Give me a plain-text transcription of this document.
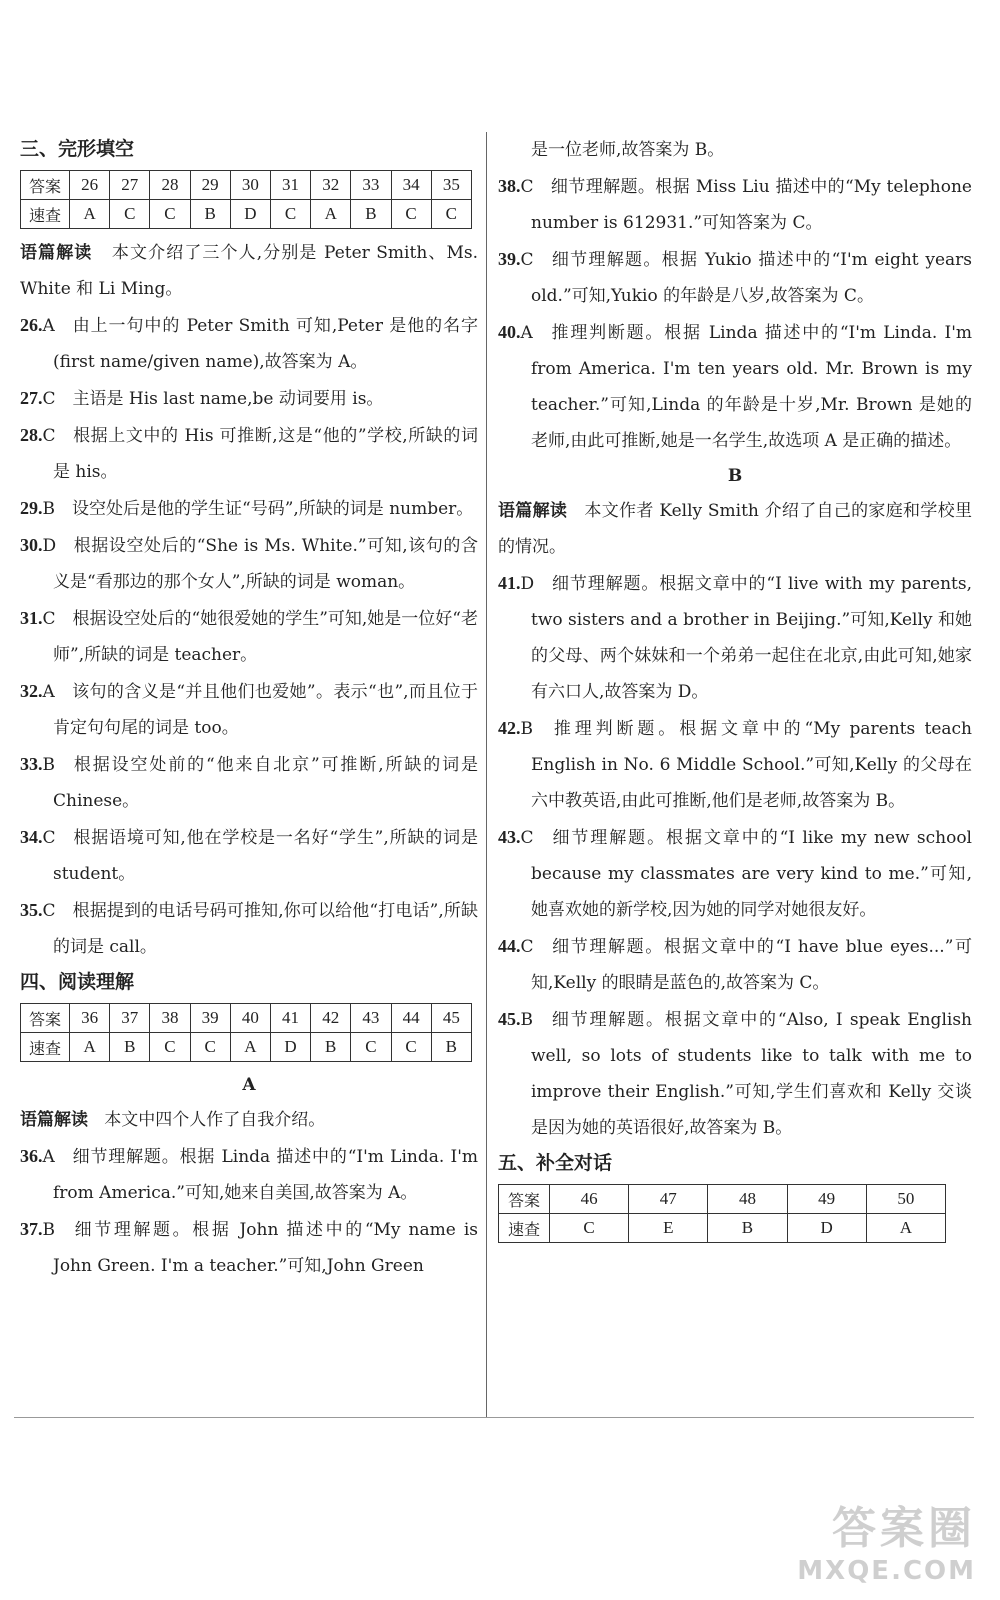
三、完形填空
答案	26	27	28	29	30	31	32	33	34	35
速查	A	C	C	B	D	C	A	B	C	C
语篇解读 本文介绍了三个人,分别是 Peter Smith、Ms. White 和 Li Ming。
26.A  由上一句中的 Peter Smith 可知,Peter 是他的名字(first name/given name),故答案为 A。
27.C  主语是 His last name,be 动词要用 is。
28.C  根据上文中的 His 可推断,这是“他的”学校,所缺的词是 his。
29.B  设空处后是他的学生证“号码”,所缺的词是 number。
30.D  根据设空处后的“She is Ms. White.”可知,该句的含义是“看那边的那个女人”,所缺的词是 woman。
31.C  根据设空处后的“她很爱她的学生”可知,她是一位好“老师”,所缺的词是 teacher。
32.A  该句的含义是“并且他们也爱她”。表示“也”,而且位于肯定句句尾的词是 too。
33.B  根据设空处前的“他来自北京”可推断,所缺的词是 Chinese。
34.C  根据语境可知,他在学校是一名好“学生”,所缺的词是 student。
35.C  根据提到的电话号码可推知,你可以给他“打电话”,所缺的词是 call。
四、阅读理解
答案	36	37	38	39	40	41	42	43	44	45
速查	A	B	C	C	A	D	B	C	C	B
A
语篇解读 本文中四个人作了自我介绍。
36.A  细节理解题。根据 Linda 描述中的“I'm Linda. I'm from America.”可知,她来自美国,故答案为 A。
37.B  细节理解题。根据 John 描述中的“My name is John Green. I'm a teacher.”可知,John Green
是一位老师,故答案为 B。
38.C  细节理解题。根据 Miss Liu 描述中的“My telephone number is 612931.”可知答案为 C。
39.C  细节理解题。根据 Yukio 描述中的“I'm eight years old.”可知,Yukio 的年龄是八岁,故答案为 C。
40.A  推理判断题。根据 Linda 描述中的“I'm Linda. I'm from America. I'm ten years old. Mr. Brown is my teacher.”可知,Linda 的年龄是十岁,Mr. Brown 是她的老师,由此可推断,她是一名学生,故选项 A 是正确的描述。
B
语篇解读 本文作者 Kelly Smith 介绍了自己的家庭和学校里的情况。
41.D  细节理解题。根据文章中的“I live with my parents, two sisters and a brother in Beijing.”可知,Kelly 和她的父母、两个妹妹和一个弟弟一起住在北京,由此可知,她家有六口人,故答案为 D。
42.B  推理判断题。根据文章中的“My parents teach English in No. 6 Middle School.”可知,Kelly 的父母在六中教英语,由此可推断,他们是老师,故答案为 B。
43.C  细节理解题。根据文章中的“I like my new school because my classmates are very kind to me.”可知,她喜欢她的新学校,因为她的同学对她很友好。
44.C  细节理解题。根据文章中的“I have blue eyes...”可知,Kelly 的眼睛是蓝色的,故答案为 C。
45.B  细节理解题。根据文章中的“Also, I speak English well, so lots of students like to talk with me to improve their English.”可知,学生们喜欢和 Kelly 交谈是因为她的英语很好,故答案为 B。
五、补全对话
答案	46	47	48	49	50
速查	C	E	B	D	A
答案圈
MXQE.COM
